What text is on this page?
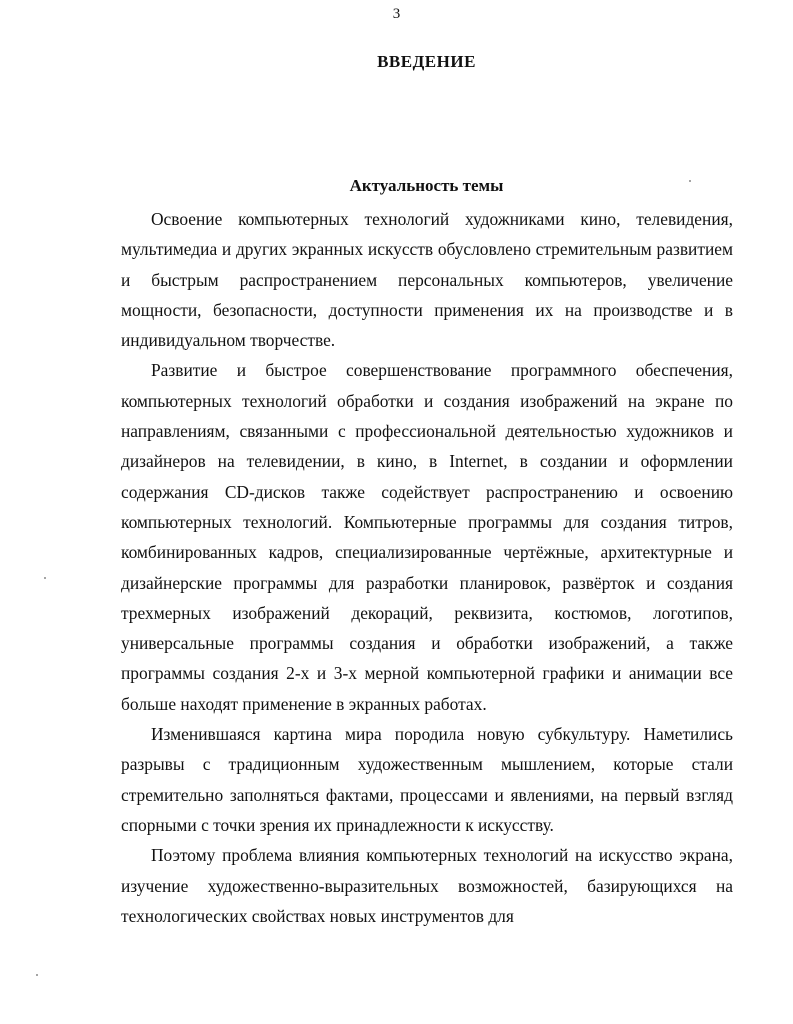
3
ВВЕДЕНИЕ
Актуальность темы

Освоение компьютерных технологий художниками кино, телевидения, мультимедиа и других экранных искусств обусловлено стремительным развитием и быстрым распространением персональных компьютеров, увеличение мощности, безопасности, доступности применения их на производстве и в индивидуальном творчестве.

Развитие и быстрое совершенствование программного обеспечения, компьютерных технологий обработки и создания изображений на экране по направлениям, связанными с профессиональной деятельностью художников и дизайнеров на телевидении, в кино, в Internet, в создании и оформлении содержания CD-дисков также содействует распространению и освоению компьютерных технологий. Компьютерные программы для создания титров, комбинированных кадров, специализированные чертёжные, архитектурные и дизайнерские программы для разработки планировок, развёрток и создания трехмерных изображений декораций, реквизита, костюмов, логотипов, универсальные программы создания и обработки изображений, а также программы создания 2-х и 3-х мерной компьютерной графики и анимации все больше находят применение в экранных работах.

Изменившаяся картина мира породила новую субкультуру. Наметились разрывы с традиционным художественным мышлением, которые стали стремительно заполняться фактами, процессами и явлениями, на первый взгляд спорными с точки зрения их принадлежности к искусству.

Поэтому проблема влияния компьютерных технологий на искусство экрана, изучение художественно-выразительных возможностей, базирующихся на технологических свойствах новых инструментов для
